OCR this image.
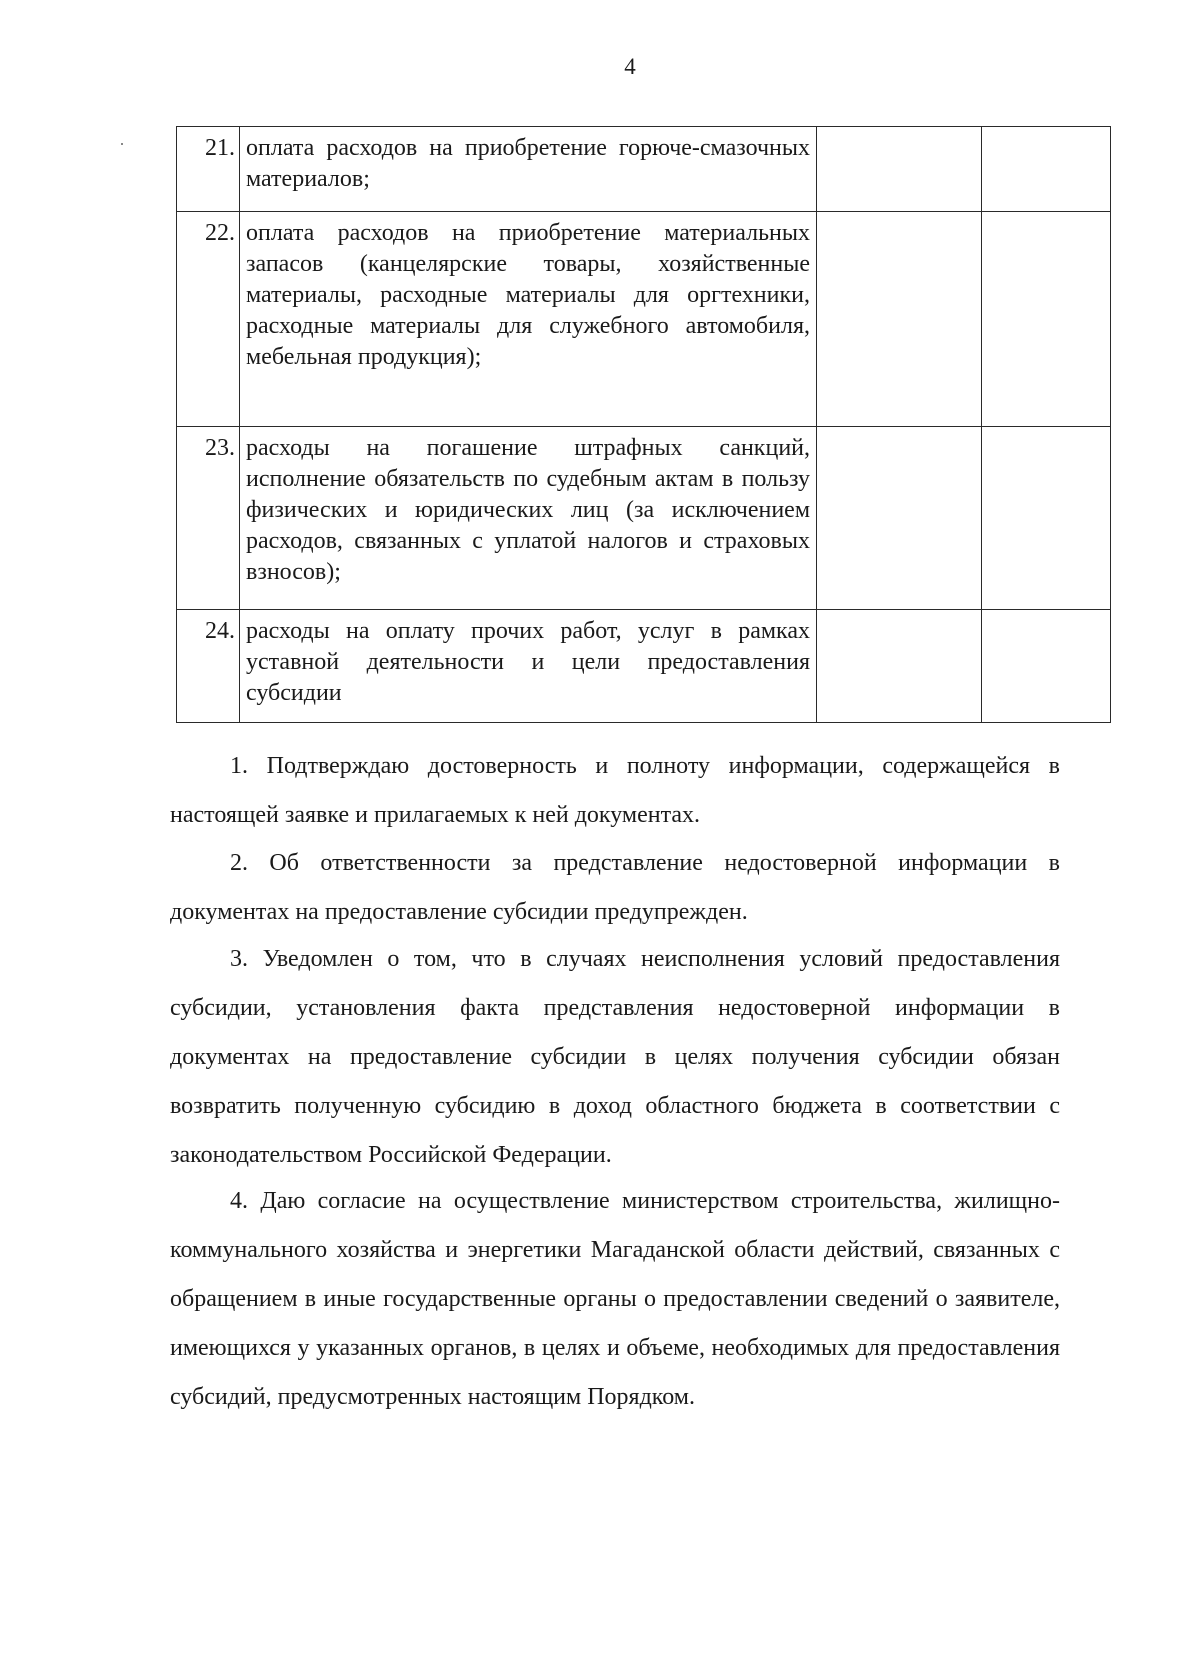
4
21.	оплата расходов на приобретение горюче-смазочных материалов;		
22.	оплата расходов на приобретение материальных запасов (канцелярские товары, хозяйственные материалы, расходные материалы для оргтехники, расходные материалы для служебного автомобиля, мебельная продукция);		
23.	расходы на погашение штрафных санкций, исполнение обязательств по судебным актам в пользу физических и юридических лиц (за исключением расходов, связанных с уплатой налогов и страховых взносов);		
24.	расходы на оплату прочих работ, услуг в рамках уставной деятельности и цели предоставления субсидии		

1. Подтверждаю достоверность и полноту информации, содержащейся в настоящей заявке и прилагаемых к ней документах.

2. Об ответственности за представление недостоверной информации в документах на предоставление субсидии предупрежден.

3. Уведомлен о том, что в случаях неисполнения условий предоставления субсидии, установления факта представления недостоверной информации в документах на предоставление субсидии в целях получения субсидии обязан возвратить полученную субсидию в доход областного бюджета в соответствии с законодательством Российской Федерации.

4. Даю согласие на осуществление министерством строительства, жилищно-коммунального хозяйства и энергетики Магаданской области действий, связанных с обращением в иные государственные органы о предоставлении сведений о заявителе, имеющихся у указанных органов, в целях и объеме, необходимых для предоставления субсидий, предусмотренных настоящим Порядком.
